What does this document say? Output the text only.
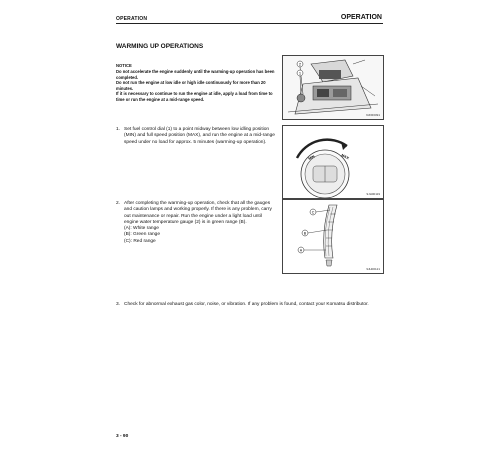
OPERATION	OPERATION
WARMING UP OPERATIONS
NOTICE

Do not accelerate the engine suddenly until the warming-up operation has been completed.

Do not run the engine at low idle or high idle continuously for more than 20 minutes.

If it is necessary to continue to run the engine at idle, apply a load from time to time or run the engine at a mid-range speed.

2
1
9JFR0091
1. Set fuel control dial (1) to a point midway between low idling position (MIN) and full speed position (MAX), and run the engine at a mid-range speed under no load for approx. 5 minutes (warming-up operation).
MIN	MAX
9JH00119
2. After completing the warming-up operation, check that all the gauges and caution lamps and working properly. If there is any problem, carry out maintenance or repair. Run the engine under a light load until engine water temperature gauge (2) is in green range (B).
(A): White range
(B): Green range
(C): Red range
C
B
A
9JH00121
3. Check for abnormal exhaust gas color, noise, or vibration. If any problem is found, contact your Komatsu distributor.
3 - 90
